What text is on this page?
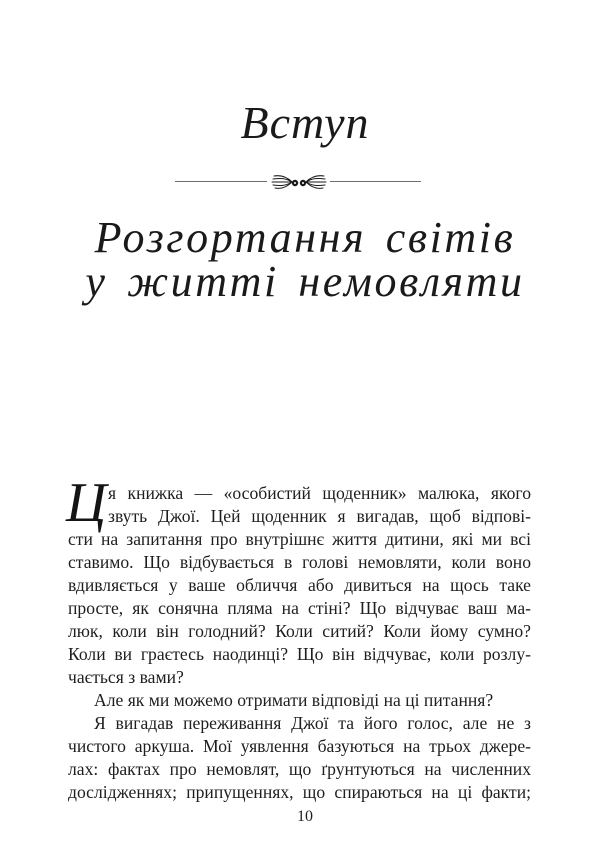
Вступ
Розгортання світів
у житті немовляти
Ц я книжка — «особистий щоденник» малюка, якого
звуть Джої. Цей щоденник я вигадав, щоб відпові-
сти на запитання про внутрішнє життя дитини, які ми всі
ставимо. Що відбувається в голові немовляти, коли воно
вдивляється у ваше обличчя або дивиться на щось таке
просте, як сонячна пляма на стіні? Що відчуває ваш ма-
люк, коли він голодний? Коли ситий? Коли йому сумно?
Коли ви граєтесь наодинці? Що він відчуває, коли розлу-
чається з вами?
Але як ми можемо отримати відповіді на ці питання?
Я вигадав переживання Джої та його голос, але не з
чистого аркуша. Мої уявлення базуються на трьох джере-
лах: фактах про немовлят, що ґрунтуються на численних
дослідженнях; припущеннях, що спираються на ці факти;
10
